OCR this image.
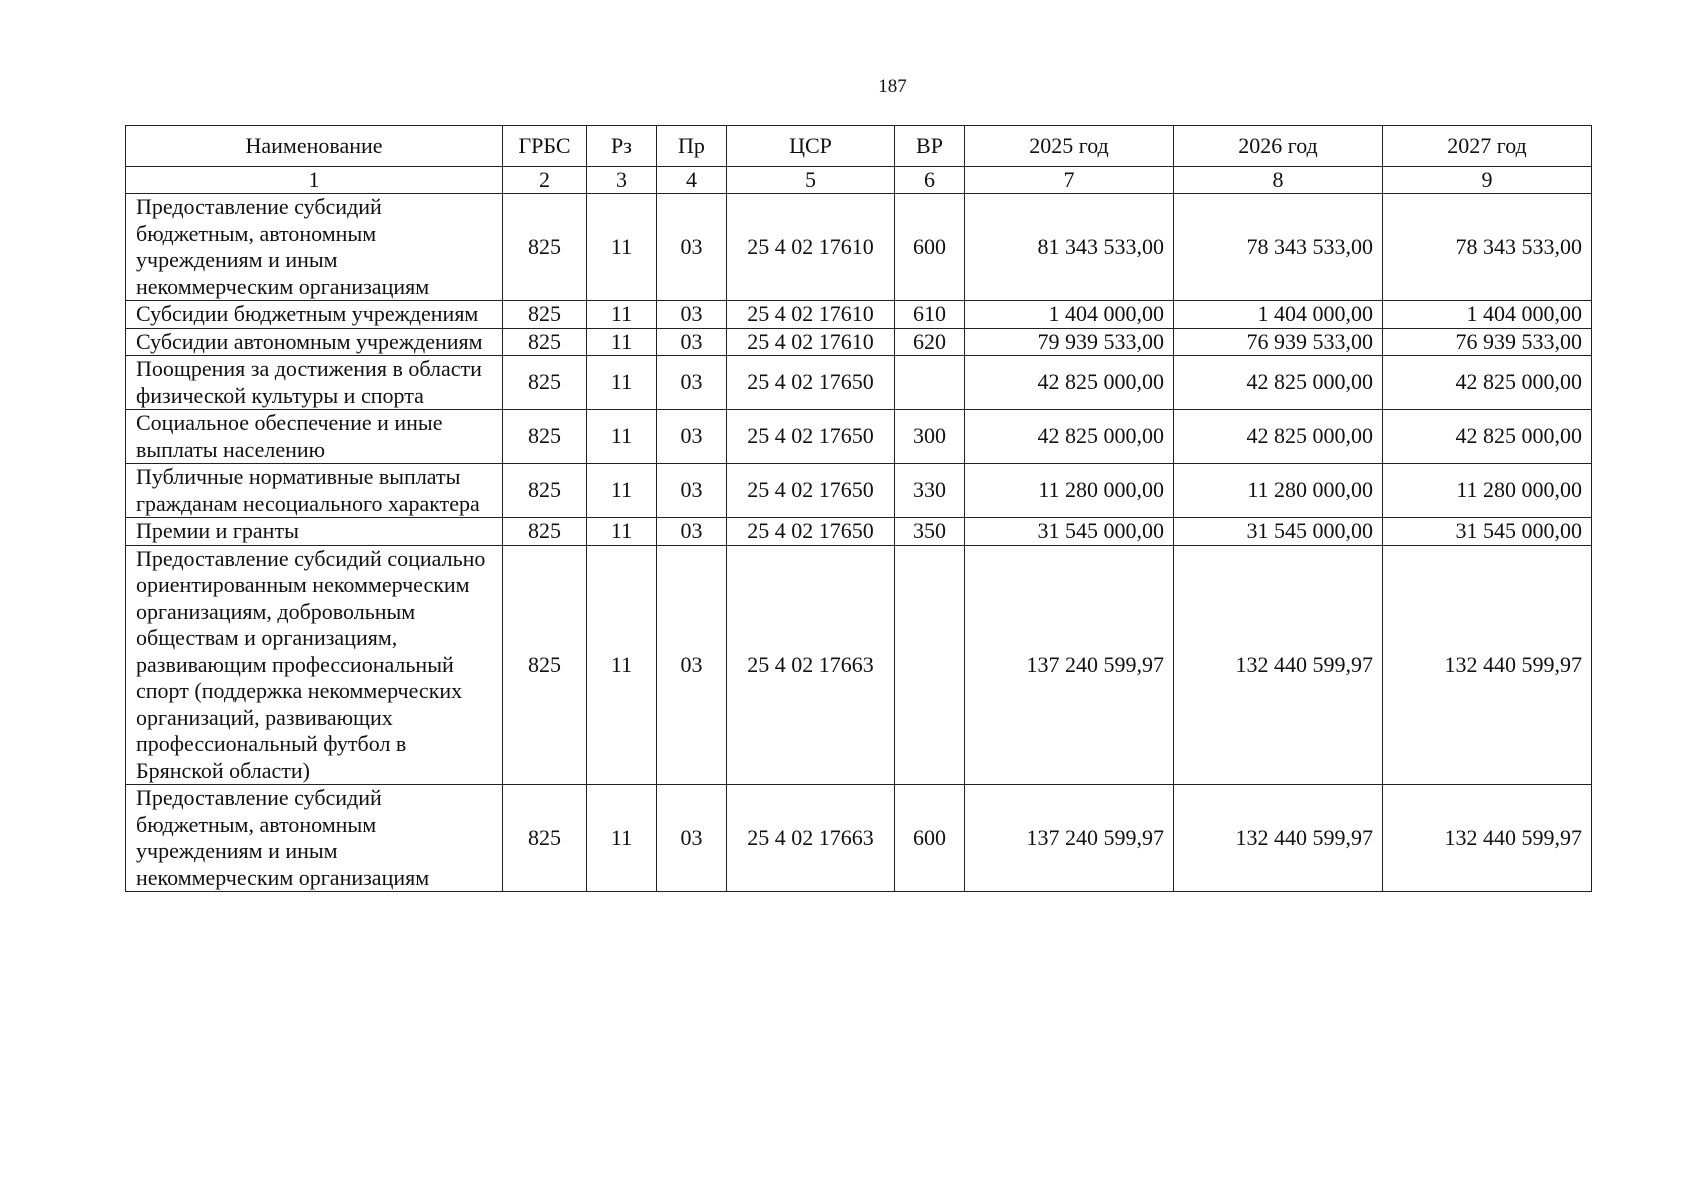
187
Наименование	ГРБС	Рз	Пр	ЦСР	ВР	2025 год	2026 год	2027 год
1	2	3	4	5	6	7	8	9
Предоставление субсидий бюджетным, автономным учреждениям и иным некоммерческим организациям	825	11	03	25 4 02 17610	600	81 343 533,00	78 343 533,00	78 343 533,00
Субсидии бюджетным учреждениям	825	11	03	25 4 02 17610	610	1 404 000,00	1 404 000,00	1 404 000,00
Субсидии автономным учреждениям	825	11	03	25 4 02 17610	620	79 939 533,00	76 939 533,00	76 939 533,00
Поощрения за достижения в области физической культуры и спорта	825	11	03	25 4 02 17650		42 825 000,00	42 825 000,00	42 825 000,00
Социальное обеспечение и иные выплаты населению	825	11	03	25 4 02 17650	300	42 825 000,00	42 825 000,00	42 825 000,00
Публичные нормативные выплаты гражданам несоциального характера	825	11	03	25 4 02 17650	330	11 280 000,00	11 280 000,00	11 280 000,00
Премии и гранты	825	11	03	25 4 02 17650	350	31 545 000,00	31 545 000,00	31 545 000,00
Предоставление субсидий социально ориентированным некоммерческим организациям, добровольным обществам и организациям, развивающим профессиональный спорт (поддержка некоммерческих организаций, развивающих профессиональный футбол в Брянской области)	825	11	03	25 4 02 17663		137 240 599,97	132 440 599,97	132 440 599,97
Предоставление субсидий бюджетным, автономным учреждениям и иным некоммерческим организациям	825	11	03	25 4 02 17663	600	137 240 599,97	132 440 599,97	132 440 599,97
